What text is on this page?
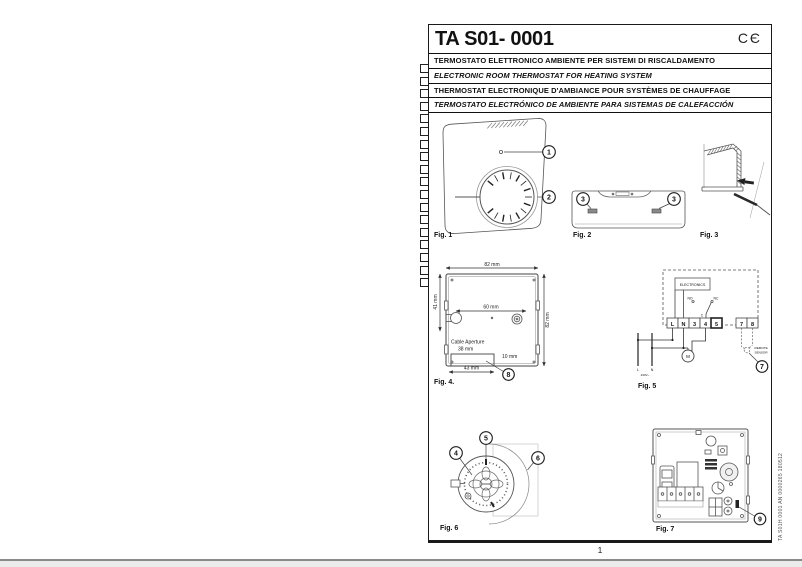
TA S01- 0001	CЄ
TERMOSTATO ELETTRONICO AMBIENTE PER SISTEMI DI RISCALDAMENTO
ELECTRONIC ROOM THERMOSTAT FOR HEATING SYSTEM
THERMOSTAT ELECTRONIQUE D'AMBIANCE POUR SYSTÈMES DE CHAUFFAGE
TERMOSTATO ELECTRÓNICO DE AMBIENTE PARA SISTEMAS DE CALEFACCIÓN
1
2
Fig. 1
3	3
Fig. 2	Fig. 3
82 mm
41 mm
82 mm
60 mm
Cable Aperture
38 mm
10 mm
43 mm
8
Fig. 4.
ELECTRONICS
NO	NC
C
L N 3 4 5	7 8
M
L	N
230V~
REMOTE
SENSOR
7
Fig. 5
4
5
6
Fig. 6
9
Fig. 7
1
TA S01H 0001 AN 0000265 180512
